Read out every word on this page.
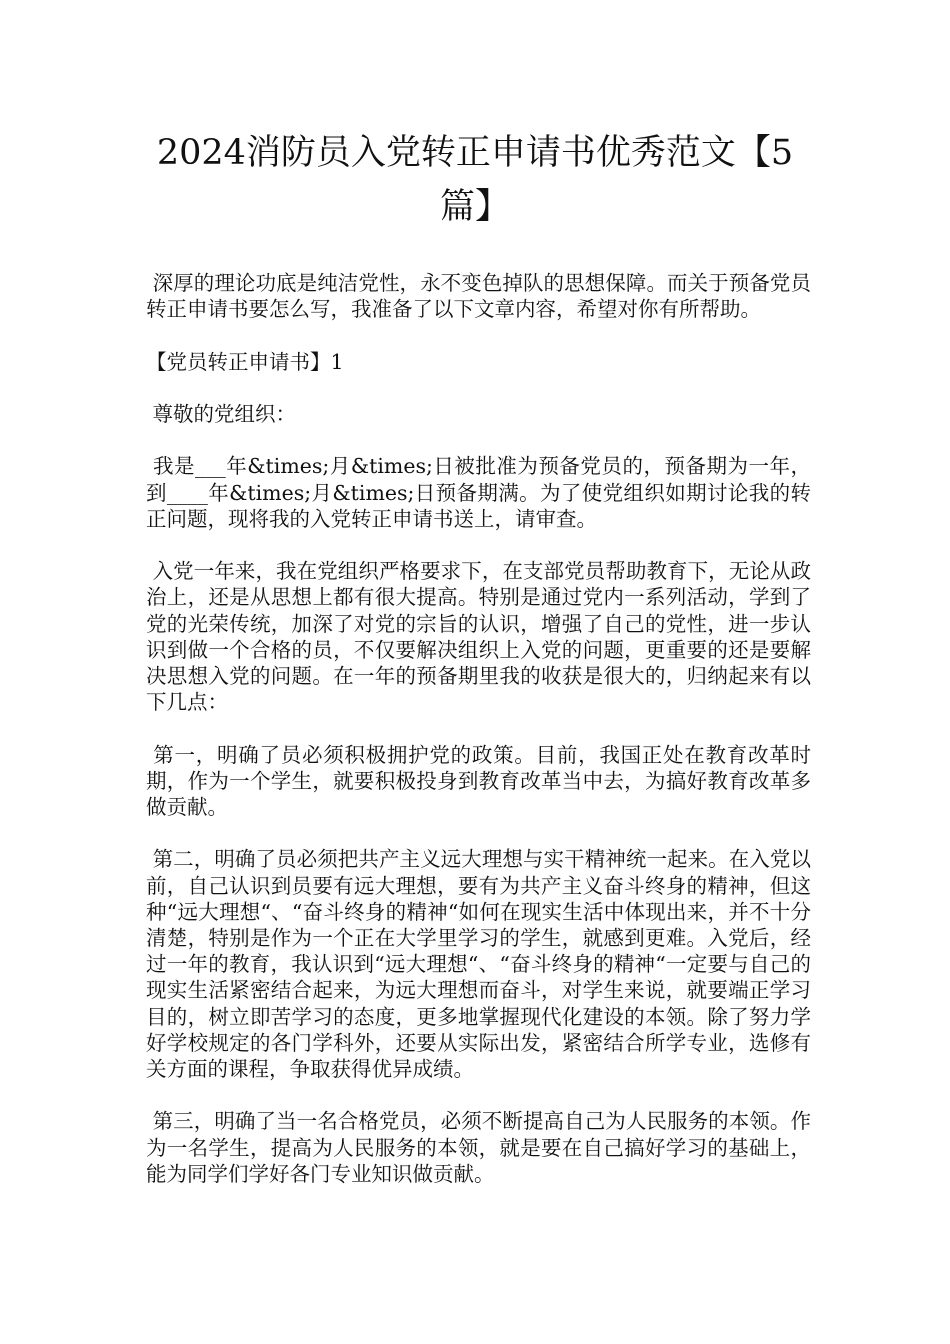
2024消防员入党转正申请书优秀范文【5篇】

深厚的理论功底是纯洁党性，永不变色掉队的思想保障。而关于预备党员转正申请书要怎么写，我准备了以下文章内容，希望对你有所帮助。

【党员转正申请书】1

尊敬的党组织：

我是___年&times;月&times;日被批准为预备党员的，预备期为一年，到____年&times;月&times;日预备期满。为了使党组织如期讨论我的转正问题，现将我的入党转正申请书送上，请审查。

入党一年来，我在党组织严格要求下，在支部党员帮助教育下，无论从政治上，还是从思想上都有很大提高。特别是通过党内一系列活动，学到了党的光荣传统，加深了对党的宗旨的认识，增强了自己的党性，进一步认识到做一个合格的员，不仅要解决组织上入党的问题，更重要的还是要解决思想入党的问题。在一年的预备期里我的收获是很大的，归纳起来有以下几点：

第一，明确了员必须积极拥护党的政策。目前，我国正处在教育改革时期，作为一个学生，就要积极投身到教育改革当中去，为搞好教育改革多做贡献。

第二，明确了员必须把共产主义远大理想与实干精神统一起来。在入党以前，自己认识到员要有远大理想，要有为共产主义奋斗终身的精神，但这种“远大理想“、“奋斗终身的精神“如何在现实生活中体现出来，并不十分清楚，特别是作为一个正在大学里学习的学生，就感到更难。入党后，经过一年的教育，我认识到“远大理想“、“奋斗终身的精神“一定要与自己的现实生活紧密结合起来，为远大理想而奋斗，对学生来说，就要端正学习目的，树立即苦学习的态度，更多地掌握现代化建设的本领。除了努力学好学校规定的各门学科外，还要从实际出发，紧密结合所学专业，选修有关方面的课程，争取获得优异成绩。

第三，明确了当一名合格党员，必须不断提高自己为人民服务的本领。作为一名学生，提高为人民服务的本领，就是要在自己搞好学习的基础上，能为同学们学好各门专业知识做贡献。
